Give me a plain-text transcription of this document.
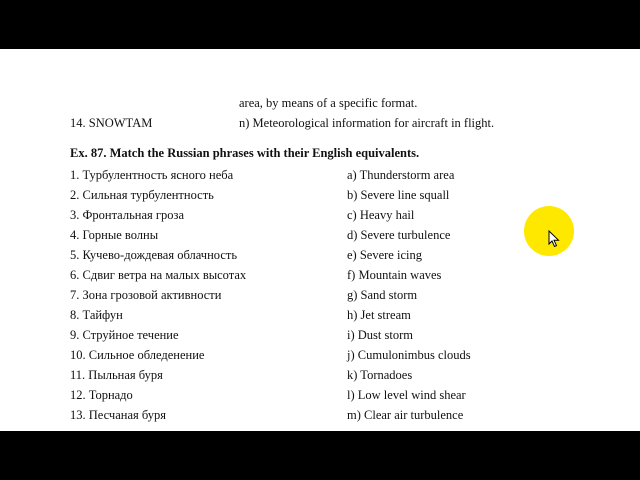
area, by means of a specific format.
14. SNOWTAM	n) Meteorological information for aircraft in flight.
Ex. 87. Match the Russian phrases with their English equivalents.
1. Турбулентность ясного неба	a) Thunderstorm area
2. Сильная турбулентность	b) Severe line squall
3. Фронтальная гроза	c) Heavy hail
4. Горные волны	d) Severe turbulence
5. Кучево-дождевая облачность	e) Severe icing
6. Сдвиг ветра на малых высотах	f) Mountain waves
7. Зона грозовой активности	g) Sand storm
8. Тайфун	h) Jet stream
9. Струйное течение	i) Dust storm
10. Сильное обледенение	j) Cumulonimbus clouds
11. Пыльная буря	k) Tornadoes
12. Торнадо	l) Low level wind shear
13. Песчаная буря	m) Clear air turbulence
